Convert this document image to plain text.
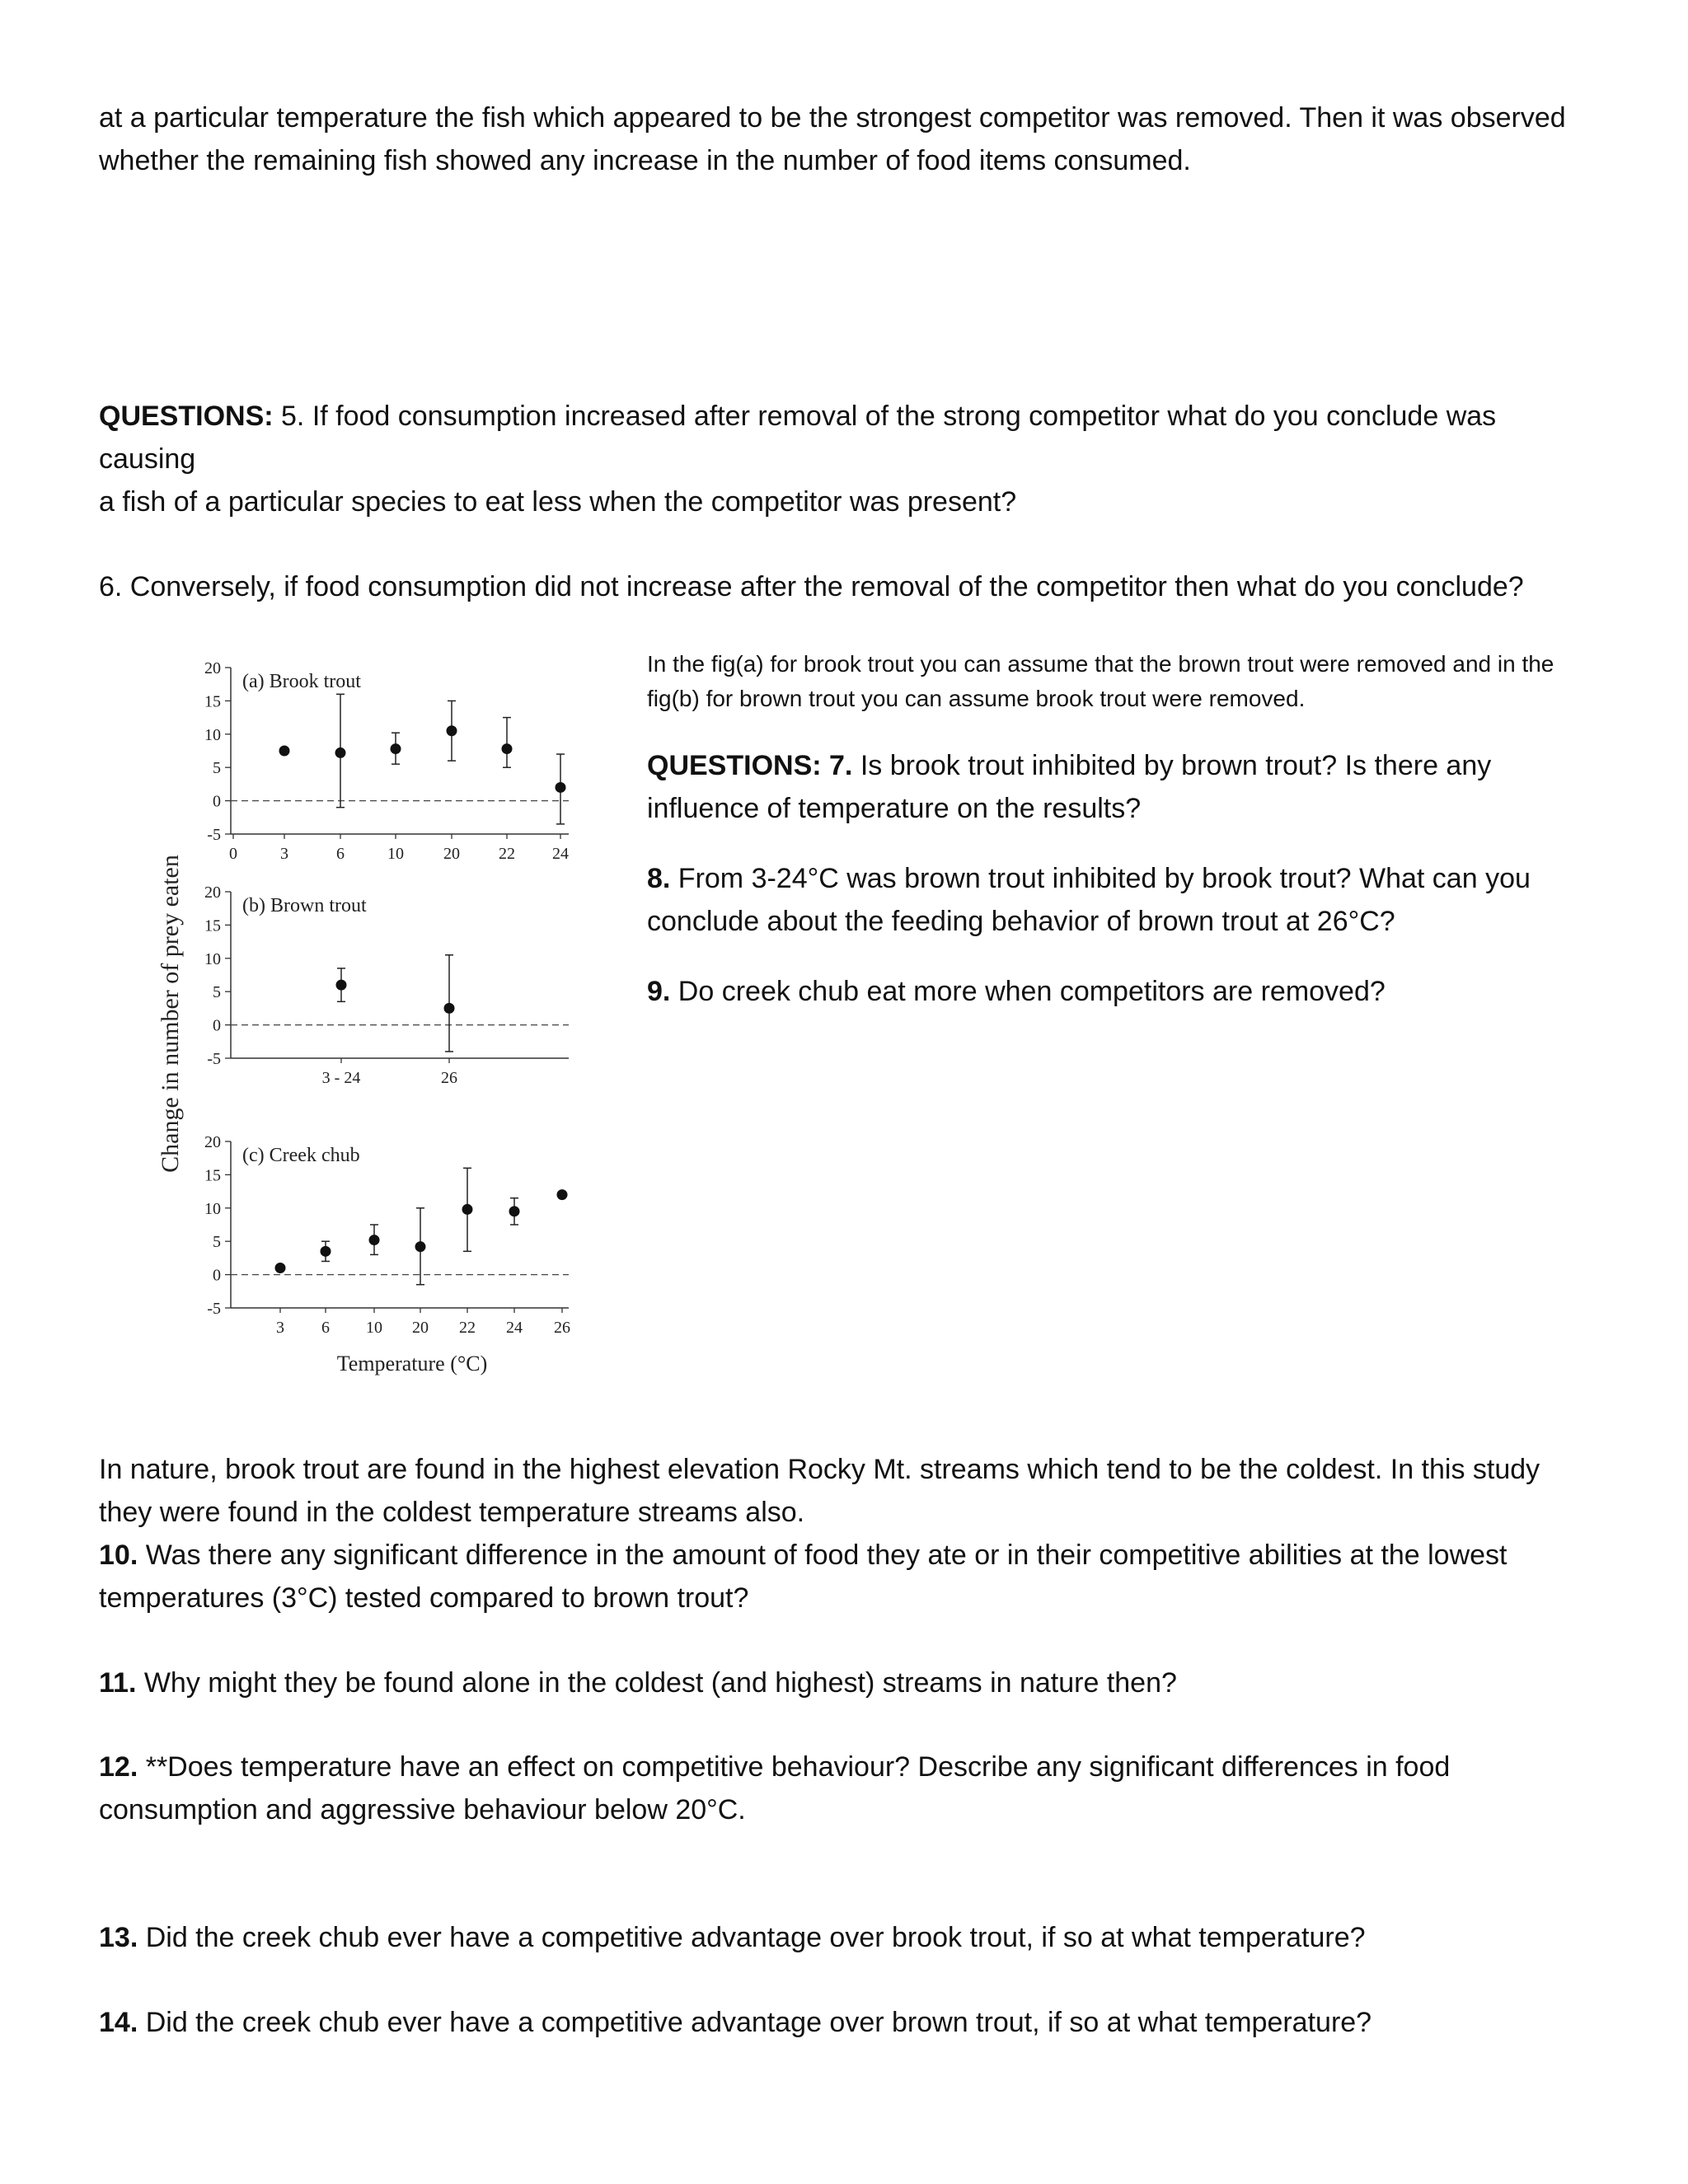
at a particular temperature the fish which appeared to be the strongest competitor was removed. Then it was observed
whether the remaining fish showed any increase in the number of food items consumed.

QUESTIONS: 5. If food consumption increased after removal of the strong competitor what do you conclude was causing
a fish of a particular species to eat less when the competitor was present?

6. Conversely, if food consumption did not increase after the removal of the competitor then what do you conclude?

Change in number of prey eaten
20
15
10
5
0
-5
0	3	6	10 20 22 24
(a) Brook trout
20
15
10
5
0
-5
3 - 24	26
(b) Brown trout
20
15
10
5
0
-5
3 6 10 20 22 24 26
(c) Creek chub
Temperature (°C)

In the fig(a) for brook trout you can assume that the brown trout were removed and in the
fig(b) for brown trout you can assume brook trout were removed.

QUESTIONS: 7. Is brook trout inhibited by brown trout? Is there any
influence of temperature on the results?

8. From 3-24°C was brown trout inhibited by brook trout? What can you
conclude about the feeding behavior of brown trout at 26°C?

9. Do creek chub eat more when competitors are removed?

In nature, brook trout are found in the highest elevation Rocky Mt. streams which tend to be the coldest. In this study
they were found in the coldest temperature streams also.
10. Was there any significant difference in the amount of food they ate or in their competitive abilities at the lowest
temperatures (3°C) tested compared to brown trout?

11. Why might they be found alone in the coldest (and highest) streams in nature then?

12. **Does temperature have an effect on competitive behaviour? Describe any significant differences in food
consumption and aggressive behaviour below 20°C.

13. Did the creek chub ever have a competitive advantage over brook trout, if so at what temperature?

14. Did the creek chub ever have a competitive advantage over brown trout, if so at what temperature?
